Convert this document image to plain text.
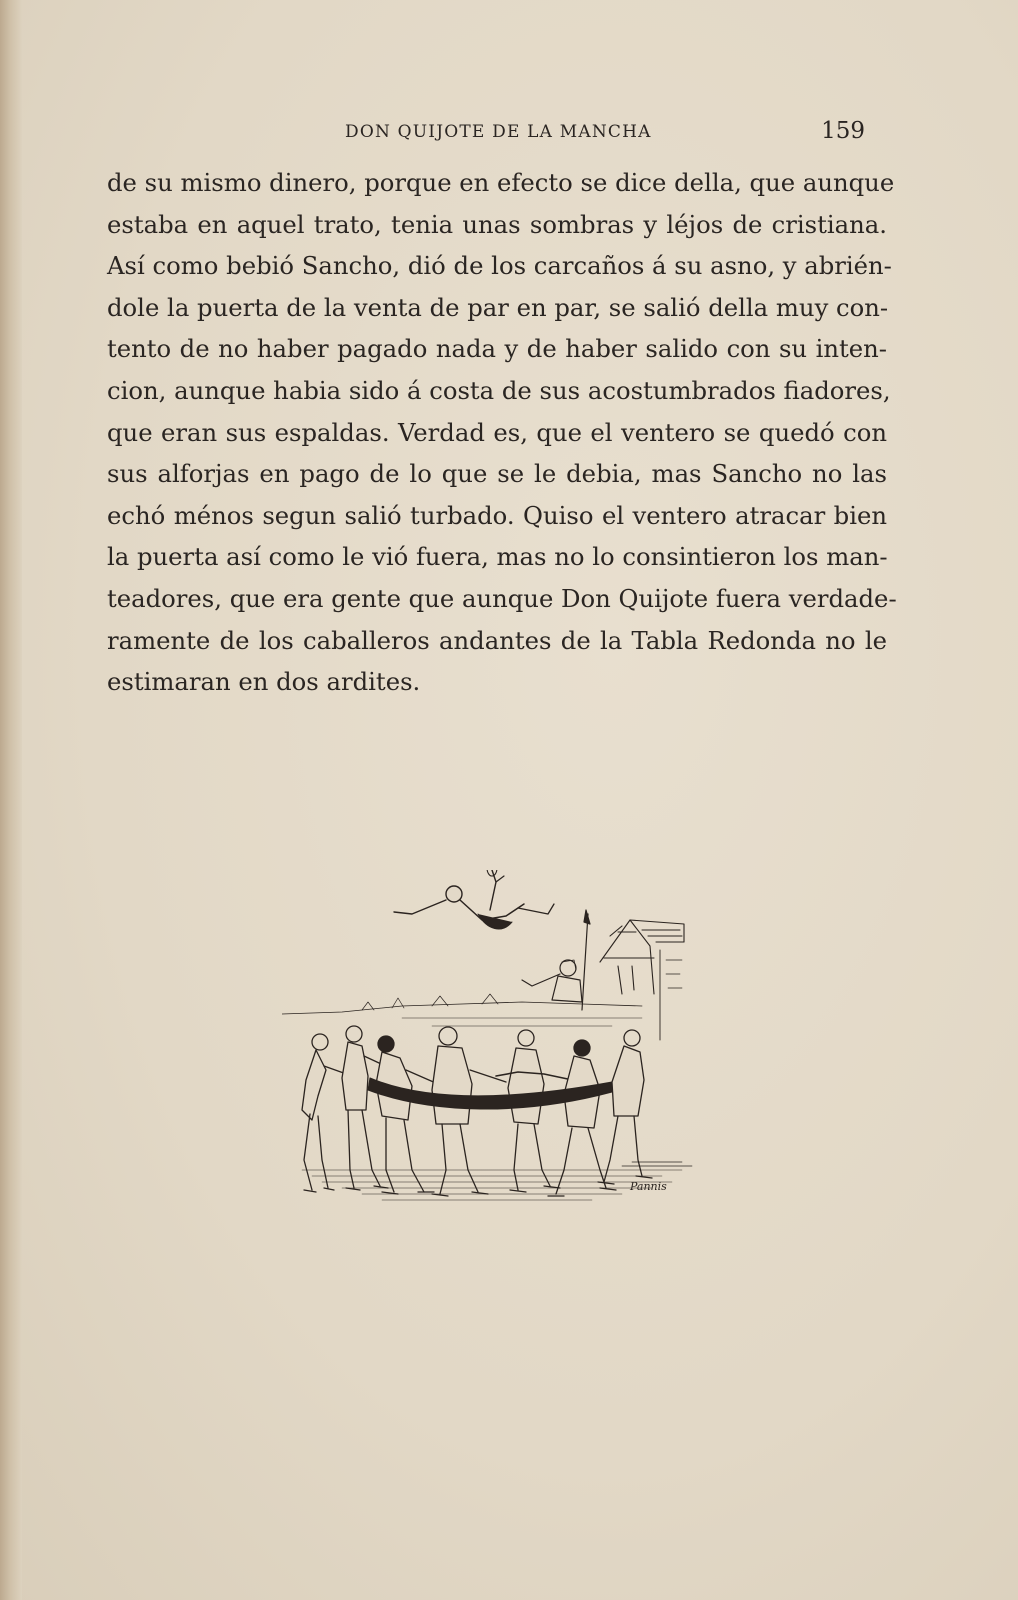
DON QUIJOTE DE LA MANCHA	159
de su mismo dinero, porque en efecto se dice della, que aunque
estaba en aquel trato, tenia unas sombras y léjos de cristiana.
Así como bebió Sancho, dió de los carcaños á su asno, y abrién-
dole la puerta de la venta de par en par, se salió della muy con-
tento de no haber pagado nada y de haber salido con su inten-
cion, aunque habia sido á costa de sus acostumbrados fiadores,
que eran sus espaldas. Verdad es, que el ventero se quedó con
sus alforjas en pago de lo que se le debia, mas Sancho no las
echó ménos segun salió turbado. Quiso el ventero atracar bien
la puerta así como le vió fuera, mas no lo consintieron los man-
teadores, que era gente que aunque Don Quijote fuera verdade-
ramente de los caballeros andantes de la Tabla Redonda no le
estimaran en dos ardites.
Pannis
